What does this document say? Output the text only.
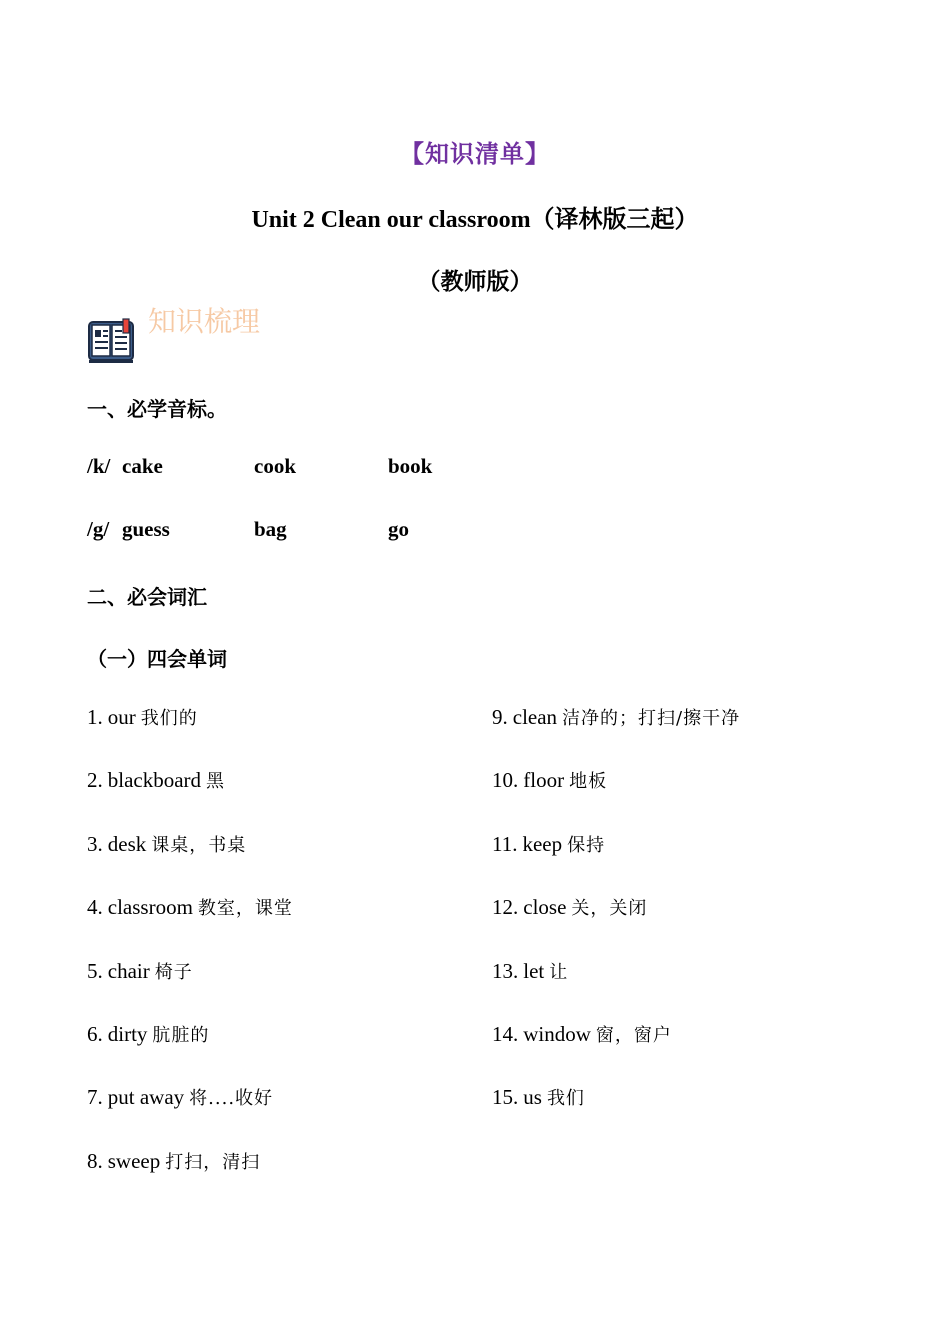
【知识清单】
Unit 2 Clean our classroom（译林版三起）
（教师版）
知识梳理
一、必学音标。
/k/ cake	cook	book
/g/ guess	bag	go
二、必会词汇
（一）四会单词
1. our 我们的
2. blackboard 黑
3. desk 课桌，书桌
4. classroom 教室，课堂
5. chair 椅子
6. dirty 肮脏的
7. put away 将....收好
8. sweep 打扫，清扫
9. clean 洁净的；打扫/擦干净
10. floor 地板
11. keep 保持
12. close 关，关闭
13. let 让
14. window 窗，窗户
15. us 我们
